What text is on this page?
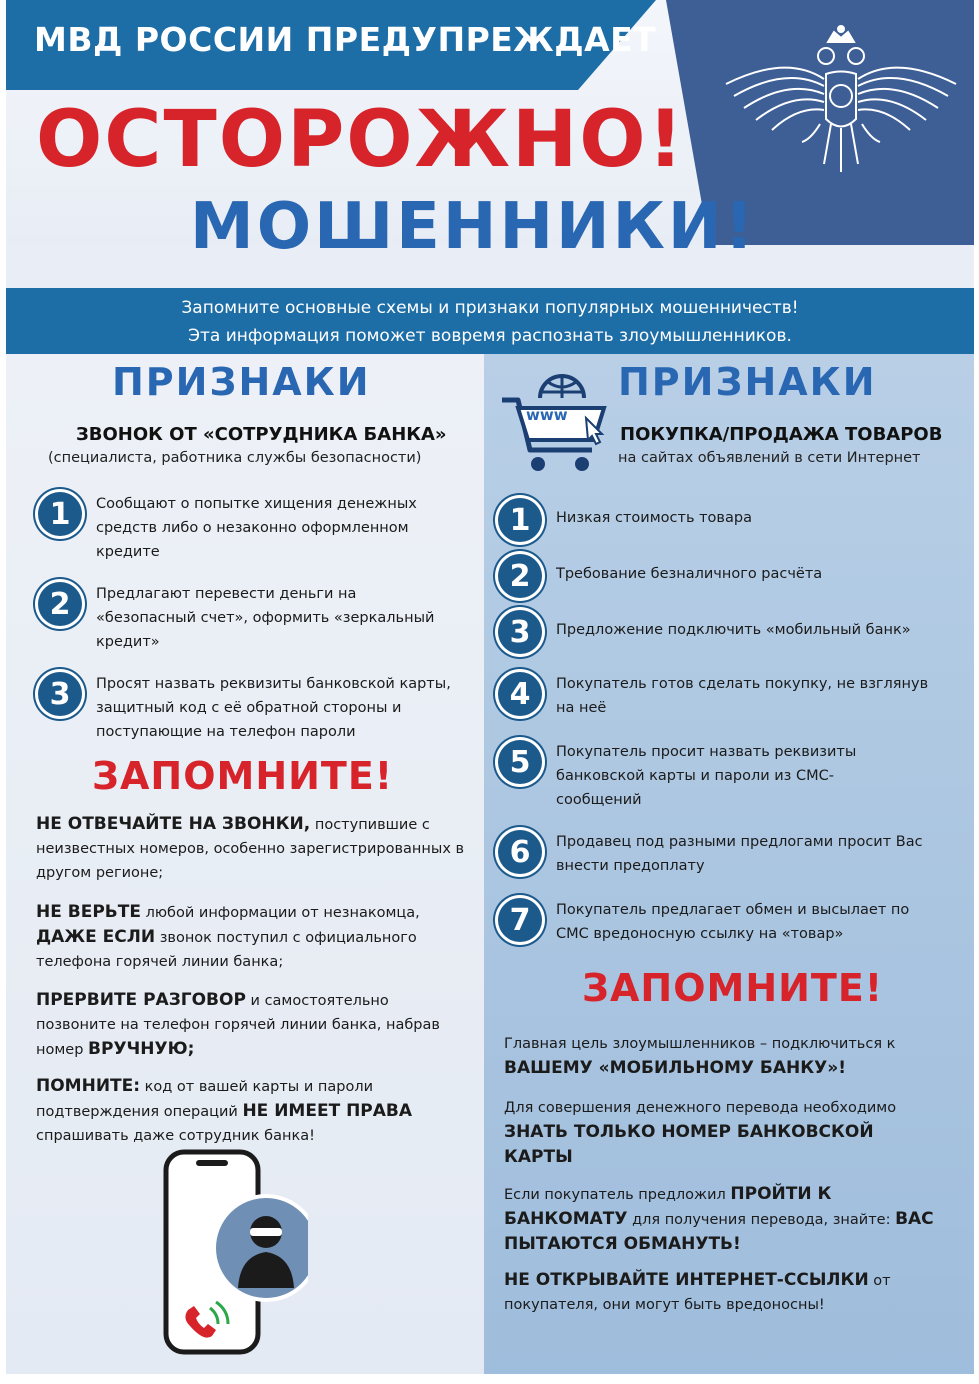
МВД РОССИИ ПРЕДУПРЕЖДАЕТ
ОСТОРОЖНО!
МОШЕННИКИ!
Запомните основные схемы и признаки популярных мошенничеств!
Эта информация поможет вовремя распознать злоумышленников.
ПРИЗНАКИ
ЗВОНОК ОТ «СОТРУДНИКА БАНКА»
(специалиста, работника службы безопасности)
1	Сообщают о попытке хищения денежных средств либо о незаконно оформленном кредите
2	Предлагают перевести деньги на «безопасный счет», оформить «зеркальный кредит»
3	Просят назвать реквизиты банковской карты, защитный код с её обратной стороны и поступающие на телефон пароли
ЗАПОМНИТЕ!
НЕ ОТВЕЧАЙТЕ НА ЗВОНКИ, поступившие с неизвестных номеров, особенно зарегистрированных в другом регионе;
НЕ ВЕРЬТЕ любой информации от незнакомца, ДАЖЕ ЕСЛИ звонок поступил с официального телефона горячей линии банка;
ПРЕРВИТЕ РАЗГОВОР и самостоятельно позвоните на телефон горячей линии банка, набрав номер ВРУЧНУЮ;
ПОМНИТЕ: код от вашей карты и пароли подтверждения операций НЕ ИМЕЕТ ПРАВА спрашивать даже сотрудник банка!
www
ПРИЗНАКИ
ПОКУПКА/ПРОДАЖА ТОВАРОВ
на сайтах объявлений в сети Интернет
1	Низкая стоимость товара
2	Требование безналичного расчёта
3	Предложение подключить «мобильный банк»
4	Покупатель готов сделать покупку, не взглянув на неё
5	Покупатель просит назвать реквизиты банковской карты и пароли из СМС-сообщений
6	Продавец под разными предлогами просит Вас внести предоплату
7	Покупатель предлагает обмен и высылает по СМС вредоносную ссылку на «товар»
ЗАПОМНИТЕ!
Главная цель злоумышленников – подключиться к ВАШЕМУ «МОБИЛЬНОМУ БАНКУ»!
Для совершения денежного перевода необходимо ЗНАТЬ ТОЛЬКО НОМЕР БАНКОВСКОЙ КАРТЫ
Если покупатель предложил ПРОЙТИ К БАНКОМАТУ для получения перевода, знайте: ВАС ПЫТАЮТСЯ ОБМАНУТЬ!
НЕ ОТКРЫВАЙТЕ ИНТЕРНЕТ-ССЫЛКИ от покупателя, они могут быть вредоносны!
